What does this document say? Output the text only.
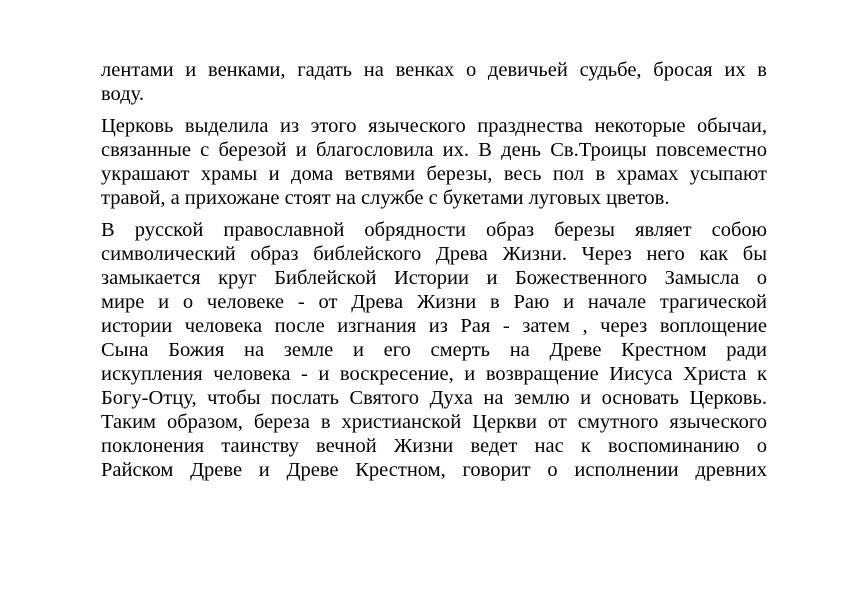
лентами и венками, гадать на венках о девичьей судьбе, бросая их в
воду.
Церковь выделила из этого языческого празднества некоторые обычаи,
связанные с березой и благословила их. В день Св.Троицы повсеместно
украшают храмы и дома ветвями березы, весь пол в храмах усыпают
травой, а прихожане стоят на службе с букетами луговых цветов.
В русской православной обрядности образ березы являет собою
символический образ библейского Древа Жизни. Через него как бы
замыкается круг Библейской Истории и Божественного Замысла о
мире и о человеке - от Древа Жизни в Раю и начале трагической
истории человека после изгнания из Рая - затем , через воплощение
Сына Божия на земле и его смерть на Древе Крестном ради
искупления человека - и воскресение, и возвращение Иисуса Христа к
Богу-Отцу, чтобы послать Святого Духа на землю и основать Церковь.
Таким образом, береза в христианской Церкви от смутного языческого
поклонения таинству вечной Жизни ведет нас к воспоминанию о
Райском Древе и Древе Крестном, говорит о исполнении древних
